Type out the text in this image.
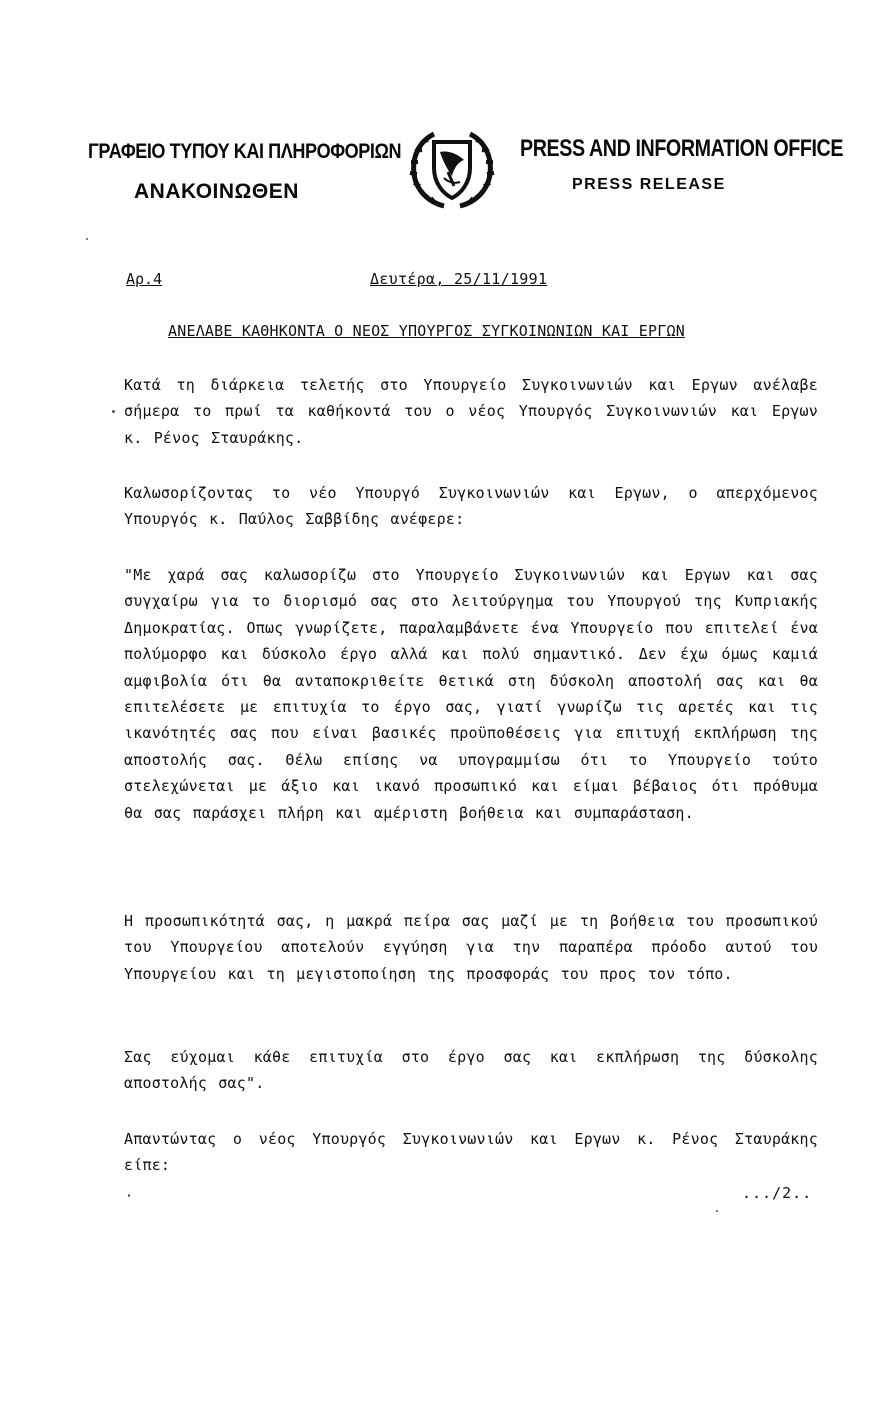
ΓΡΑΦΕΙΟ ΤΥΠΟΥ ΚΑΙ ΠΛΗΡΟΦΟΡΙΩΝ
ΑΝΑΚΟΙΝΩΘΕΝ
PRESS AND INFORMATION OFFICE
PRESS RELEASE
Αρ.4	Δευτέρα, 25/11/1991
ΑΝΕΛΑΒΕ ΚΑΘΗΚΟΝΤΑ Ο ΝΕΟΣ ΥΠΟΥΡΓΟΣ ΣΥΓΚΟΙΝΩΝΙΩΝ ΚΑΙ ΕΡΓΩΝ
Κατά τη διάρκεια τελετής στο Υπουργείο Συγκοινωνιών και Εργων ανέλαβε σήμερα το πρωί τα καθήκοντά του ο νέος Υπουργός Συγκοινωνιών και Εργων κ. Ρένος Σταυράκης.
Καλωσορίζοντας το νέο Υπουργό Συγκοινωνιών και Εργων, ο απερχόμενος Υπουργός κ. Παύλος Σαββίδης ανέφερε:
"Με χαρά σας καλωσορίζω στο Υπουργείο Συγκοινωνιών και Εργων και σας συγχαίρω για το διορισμό σας στο λειτούργημα του Υπουργού της Κυπριακής Δημοκρατίας. Οπως γνωρίζετε, παραλαμβάνετε ένα Υπουργείο που επιτελεί ένα πολύμορφο και δύσκολο έργο αλλά και πολύ σημαντικό. Δεν έχω όμως καμιά αμφιβολία ότι θα ανταποκριθείτε θετικά στη δύσκολη αποστολή σας και θα επιτελέσετε με επιτυχία το έργο σας, γιατί γνωρίζω τις αρετές και τις ικανότητές σας που είναι βασικές προϋποθέσεις για επιτυχή εκπλήρωση της αποστολής σας. Θέλω επίσης να υπογραμμίσω ότι το Υπουργείο τούτο στελεχώνεται με άξιο και ικανό προσωπικό και είμαι βέβαιος ότι πρόθυμα θα σας παράσχει πλήρη και αμέριστη βοήθεια και συμπαράσταση.
Η προσωπικότητά σας, η μακρά πείρα σας μαζί με τη βοήθεια του προσωπικού του Υπουργείου αποτελούν εγγύηση για την παραπέρα πρόοδο αυτού του Υπουργείου και τη μεγιστοποίηση της προσφοράς του προς τον τόπο.
Σας εύχομαι κάθε επιτυχία στο έργο σας και εκπλήρωση της δύσκολης αποστολής σας".
Απαντώντας ο νέος Υπουργός Συγκοινωνιών και Εργων κ. Ρένος Σταυράκης είπε:
.../2..
